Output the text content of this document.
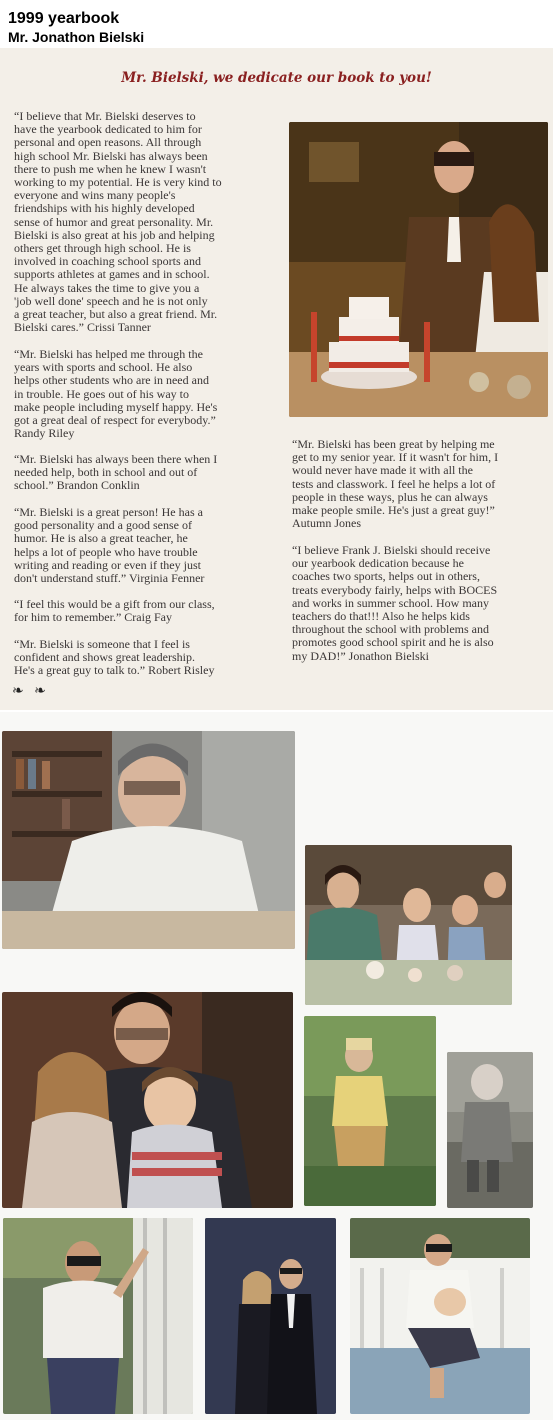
1999 yearbook
Mr. Jonathon Bielski
Mr. Bielski, we dedicate our book to you!
“I believe that Mr. Bielski deserves to
have the yearbook dedicated to him for
personal and open reasons. All through
high school Mr. Bielski has always been
there to push me when he knew I wasn't
working to my potential. He is very kind to
everyone and wins many people's
friendships with his highly developed
sense of humor and great personality. Mr.
Bielski is also great at his job and helping
others get through high school. He is
involved in coaching school sports and
supports athletes at games and in school.
He always takes the time to give you a
'job well done' speech and he is not only
a great teacher, but also a great friend. Mr.
Bielski cares.” Crissi Tanner
“Mr. Bielski has helped me through the
years with sports and school. He also
helps other students who are in need and
in trouble. He goes out of his way to
make people including myself happy. He's
got a great deal of respect for everybody.”
Randy Riley
“Mr. Bielski has always been there when I
needed help, both in school and out of
school.” Brandon Conklin
“Mr. Bielski is a great person! He has a
good personality and a good sense of
humor. He is also a great teacher, he
helps a lot of people who have trouble
writing and reading or even if they just
don't understand stuff.” Virginia Fenner
“I feel this would be a gift from our class,
for him to remember.” Craig Fay
“Mr. Bielski is someone that I feel is
confident and shows great leadership.
He's a great guy to talk to.” Robert Risley
“Mr. Bielski has been great by helping me
get to my senior year. If it wasn't for him, I
would never have made it with all the
tests and classwork. I feel he helps a lot of
people in these ways, plus he can always
make people smile. He's just a great guy!”
Autumn Jones
“I believe Frank J. Bielski should receive
our yearbook dedication because he
coaches two sports, helps out in others,
treats everybody fairly, helps with BOCES
and works in summer school. How many
teachers do that!!! Also he helps kids
throughout the school with problems and
promotes good school spirit and he is also
my DAD!” Jonathon Bielski
❧ ❧
